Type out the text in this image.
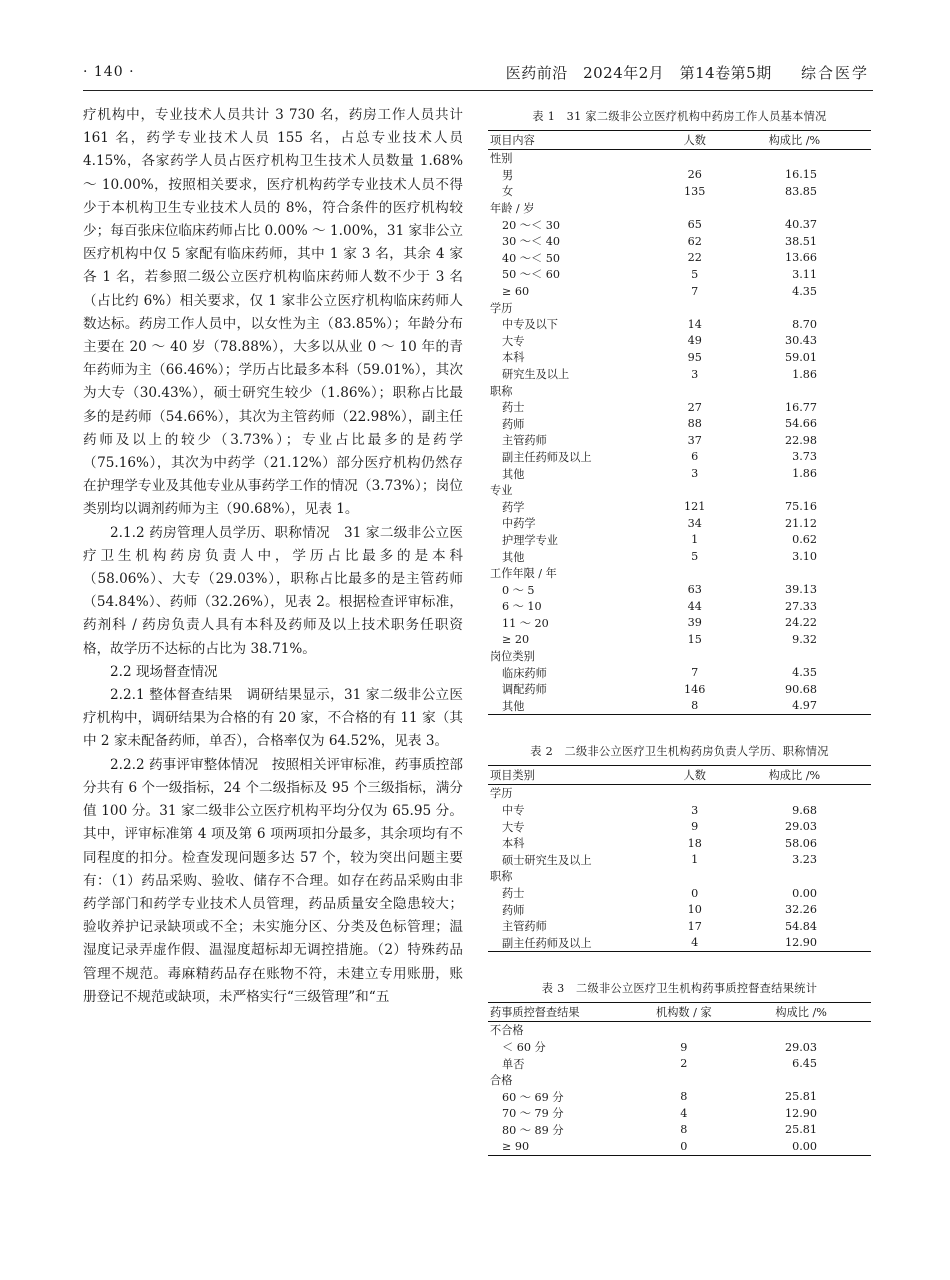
· 140 ·	医药前沿 2024年2月 第14卷第5期 综合医学

疗机构中，专业技术人员共计 3 730 名，药房工作人员共计 161 名，药学专业技术人员 155 名，占总专业技术人员 4.15%，各家药学人员占医疗机构卫生技术人员数量 1.68% ～ 10.00%，按照相关要求，医疗机构药学专业技术人员不得少于本机构卫生专业技术人员的 8%，符合条件的医疗机构较少；每百张床位临床药师占比 0.00% ～ 1.00%，31 家非公立医疗机构中仅 5 家配有临床药师，其中 1 家 3 名，其余 4 家各 1 名，若参照二级公立医疗机构临床药师人数不少于 3 名（占比约 6%）相关要求，仅 1 家非公立医疗机构临床药师人数达标。药房工作人员中，以女性为主（83.85%）；年龄分布主要在 20 ～ 40 岁（78.88%），大多以从业 0 ～ 10 年的青年药师为主（66.46%）；学历占比最多本科（59.01%），其次为大专（30.43%），硕士研究生较少（1.86%）；职称占比最多的是药师（54.66%），其次为主管药师（22.98%），副主任药师及以上的较少（3.73%）；专业占比最多的是药学（75.16%），其次为中药学（21.12%）部分医疗机构仍然存在护理学专业及其他专业从事药学工作的情况（3.73%）；岗位类别均以调剂药师为主（90.68%），见表 1。

2.1.2 药房管理人员学历、职称情况　31 家二级非公立医疗卫生机构药房负责人中，学历占比最多的是本科（58.06%）、大专（29.03%），职称占比最多的是主管药师（54.84%）、药师（32.26%），见表 2。根据检查评审标准，药剂科 / 药房负责人具有本科及药师及以上技术职务任职资格，故学历不达标的占比为 38.71%。

2.2 现场督查情况

2.2.1 整体督查结果　调研结果显示，31 家二级非公立医疗机构中，调研结果为合格的有 20 家，不合格的有 11 家（其中 2 家未配备药师，单否），合格率仅为 64.52%，见表 3。

2.2.2 药事评审整体情况　按照相关评审标准，药事质控部分共有 6 个一级指标，24 个二级指标及 95 个三级指标，满分值 100 分。31 家二级非公立医疗机构平均分仅为 65.95 分。其中，评审标准第 4 项及第 6 项两项扣分最多，其余项均有不同程度的扣分。检查发现问题多达 57 个，较为突出问题主要有：（1）药品采购、验收、储存不合理。如存在药品采购由非药学部门和药学专业技术人员管理，药品质量安全隐患较大；验收养护记录缺项或不全；未实施分区、分类及色标管理；温湿度记录弄虚作假、温湿度超标却无调控措施。（2）特殊药品管理不规范。毒麻精药品存在账物不符，未建立专用账册，账册登记不规范或缺项，未严格实行“三级管理”和“五

表 1　31 家二级非公立医疗机构中药房工作人员基本情况
项目内容	人数	构成比 /%
性别		
男	26	16.15
女	135	83.85
年龄 / 岁		
20 ～＜ 30	65	40.37
30 ～＜ 40	62	38.51
40 ～＜ 50	22	13.66
50 ～＜ 60	5	3.11
≥ 60	7	4.35
学历		
中专及以下	14	8.70
大专	49	30.43
本科	95	59.01
研究生及以上	3	1.86
职称		
药士	27	16.77
药师	88	54.66
主管药师	37	22.98
副主任药师及以上	6	3.73
其他	3	1.86
专业		
药学	121	75.16
中药学	34	21.12
护理学专业	1	0.62
其他	5	3.10
工作年限 / 年		
0 ～ 5	63	39.13
6 ～ 10	44	27.33
11 ～ 20	39	24.22
≥ 20	15	9.32
岗位类别		
临床药师	7	4.35
调配药师	146	90.68
其他	8	4.97
表 2　二级非公立医疗卫生机构药房负责人学历、职称情况
项目类别	人数	构成比 /%
学历		
中专	3	9.68
大专	9	29.03
本科	18	58.06
硕士研究生及以上	1	3.23
职称		
药士	0	0.00
药师	10	32.26
主管药师	17	54.84
副主任药师及以上	4	12.90
表 3　二级非公立医疗卫生机构药事质控督查结果统计
药事质控督查结果	机构数 / 家	构成比 /%
不合格		
＜ 60 分	9	29.03
单否	2	6.45
合格		
60 ～ 69 分	8	25.81
70 ～ 79 分	4	12.90
80 ～ 89 分	8	25.81
≥ 90	0	0.00
